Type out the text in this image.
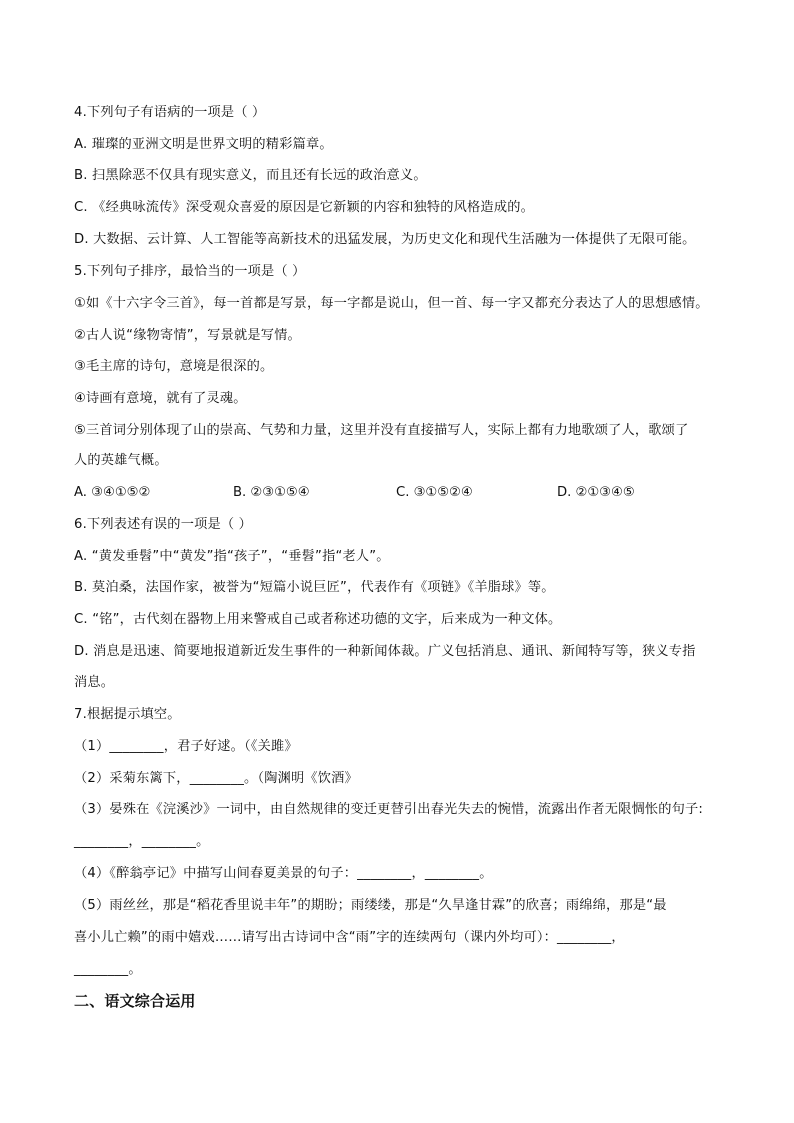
4.下列句子有语病的一项是（ ）
A. 璀璨的亚洲文明是世界文明的精彩篇章。
B. 扫黑除恶不仅具有现实意义，而且还有长远的政治意义。
C. 《经典咏流传》深受观众喜爱的原因是它新颖的内容和独特的风格造成的。
D. 大数据、云计算、人工智能等高新技术的迅猛发展，为历史文化和现代生活融为一体提供了无限可能。
5.下列句子排序，最恰当的一项是（ ）
①如《十六字令三首》，每一首都是写景，每一字都是说山，但一首、每一字又都充分表达了人的思想感情。
②古人说“缘物寄情”，写景就是写情。
③毛主席的诗句，意境是很深的。
④诗画有意境，就有了灵魂。
⑤三首词分别体现了山的崇高、气势和力量，这里并没有直接描写人，实际上都有力地歌颂了人，歌颂了
人的英雄气概。
A. ③④①⑤②	B. ②③①⑤④	C. ③①⑤②④	D. ②①③④⑤
6.下列表述有误的一项是（ ）
A. “黄发垂髫”中“黄发”指“孩子”，“垂髫”指“老人”。
B. 莫泊桑，法国作家，被誉为“短篇小说巨匠”，代表作有《项链》《羊脂球》等。
C. “铭”，古代刻在器物上用来警戒自己或者称述功德的文字，后来成为一种文体。
D. 消息是迅速、简要地报道新近发生事件的一种新闻体裁。广义包括消息、通讯、新闻特写等，狭义专指
消息。
7.根据提示填空。
（1）________，君子好逑。（《关雎》
（2）采菊东篱下，________。（陶渊明《饮酒》
（3）晏殊在《浣溪沙》一词中，由自然规律的变迁更替引出春光失去的惋惜，流露出作者无限惆怅的句子:
________，________。
（4）《醉翁亭记》中描写山间春夏美景的句子：________，________。
（5）雨丝丝，那是“稻花香里说丰年”的期盼；雨缕缕，那是“久旱逢甘霖”的欣喜；雨绵绵，那是“最
喜小儿亡赖”的雨中嬉戏……请写出古诗词中含“雨”字的连续两句（课内外均可）：________，
________。
二、语文综合运用
